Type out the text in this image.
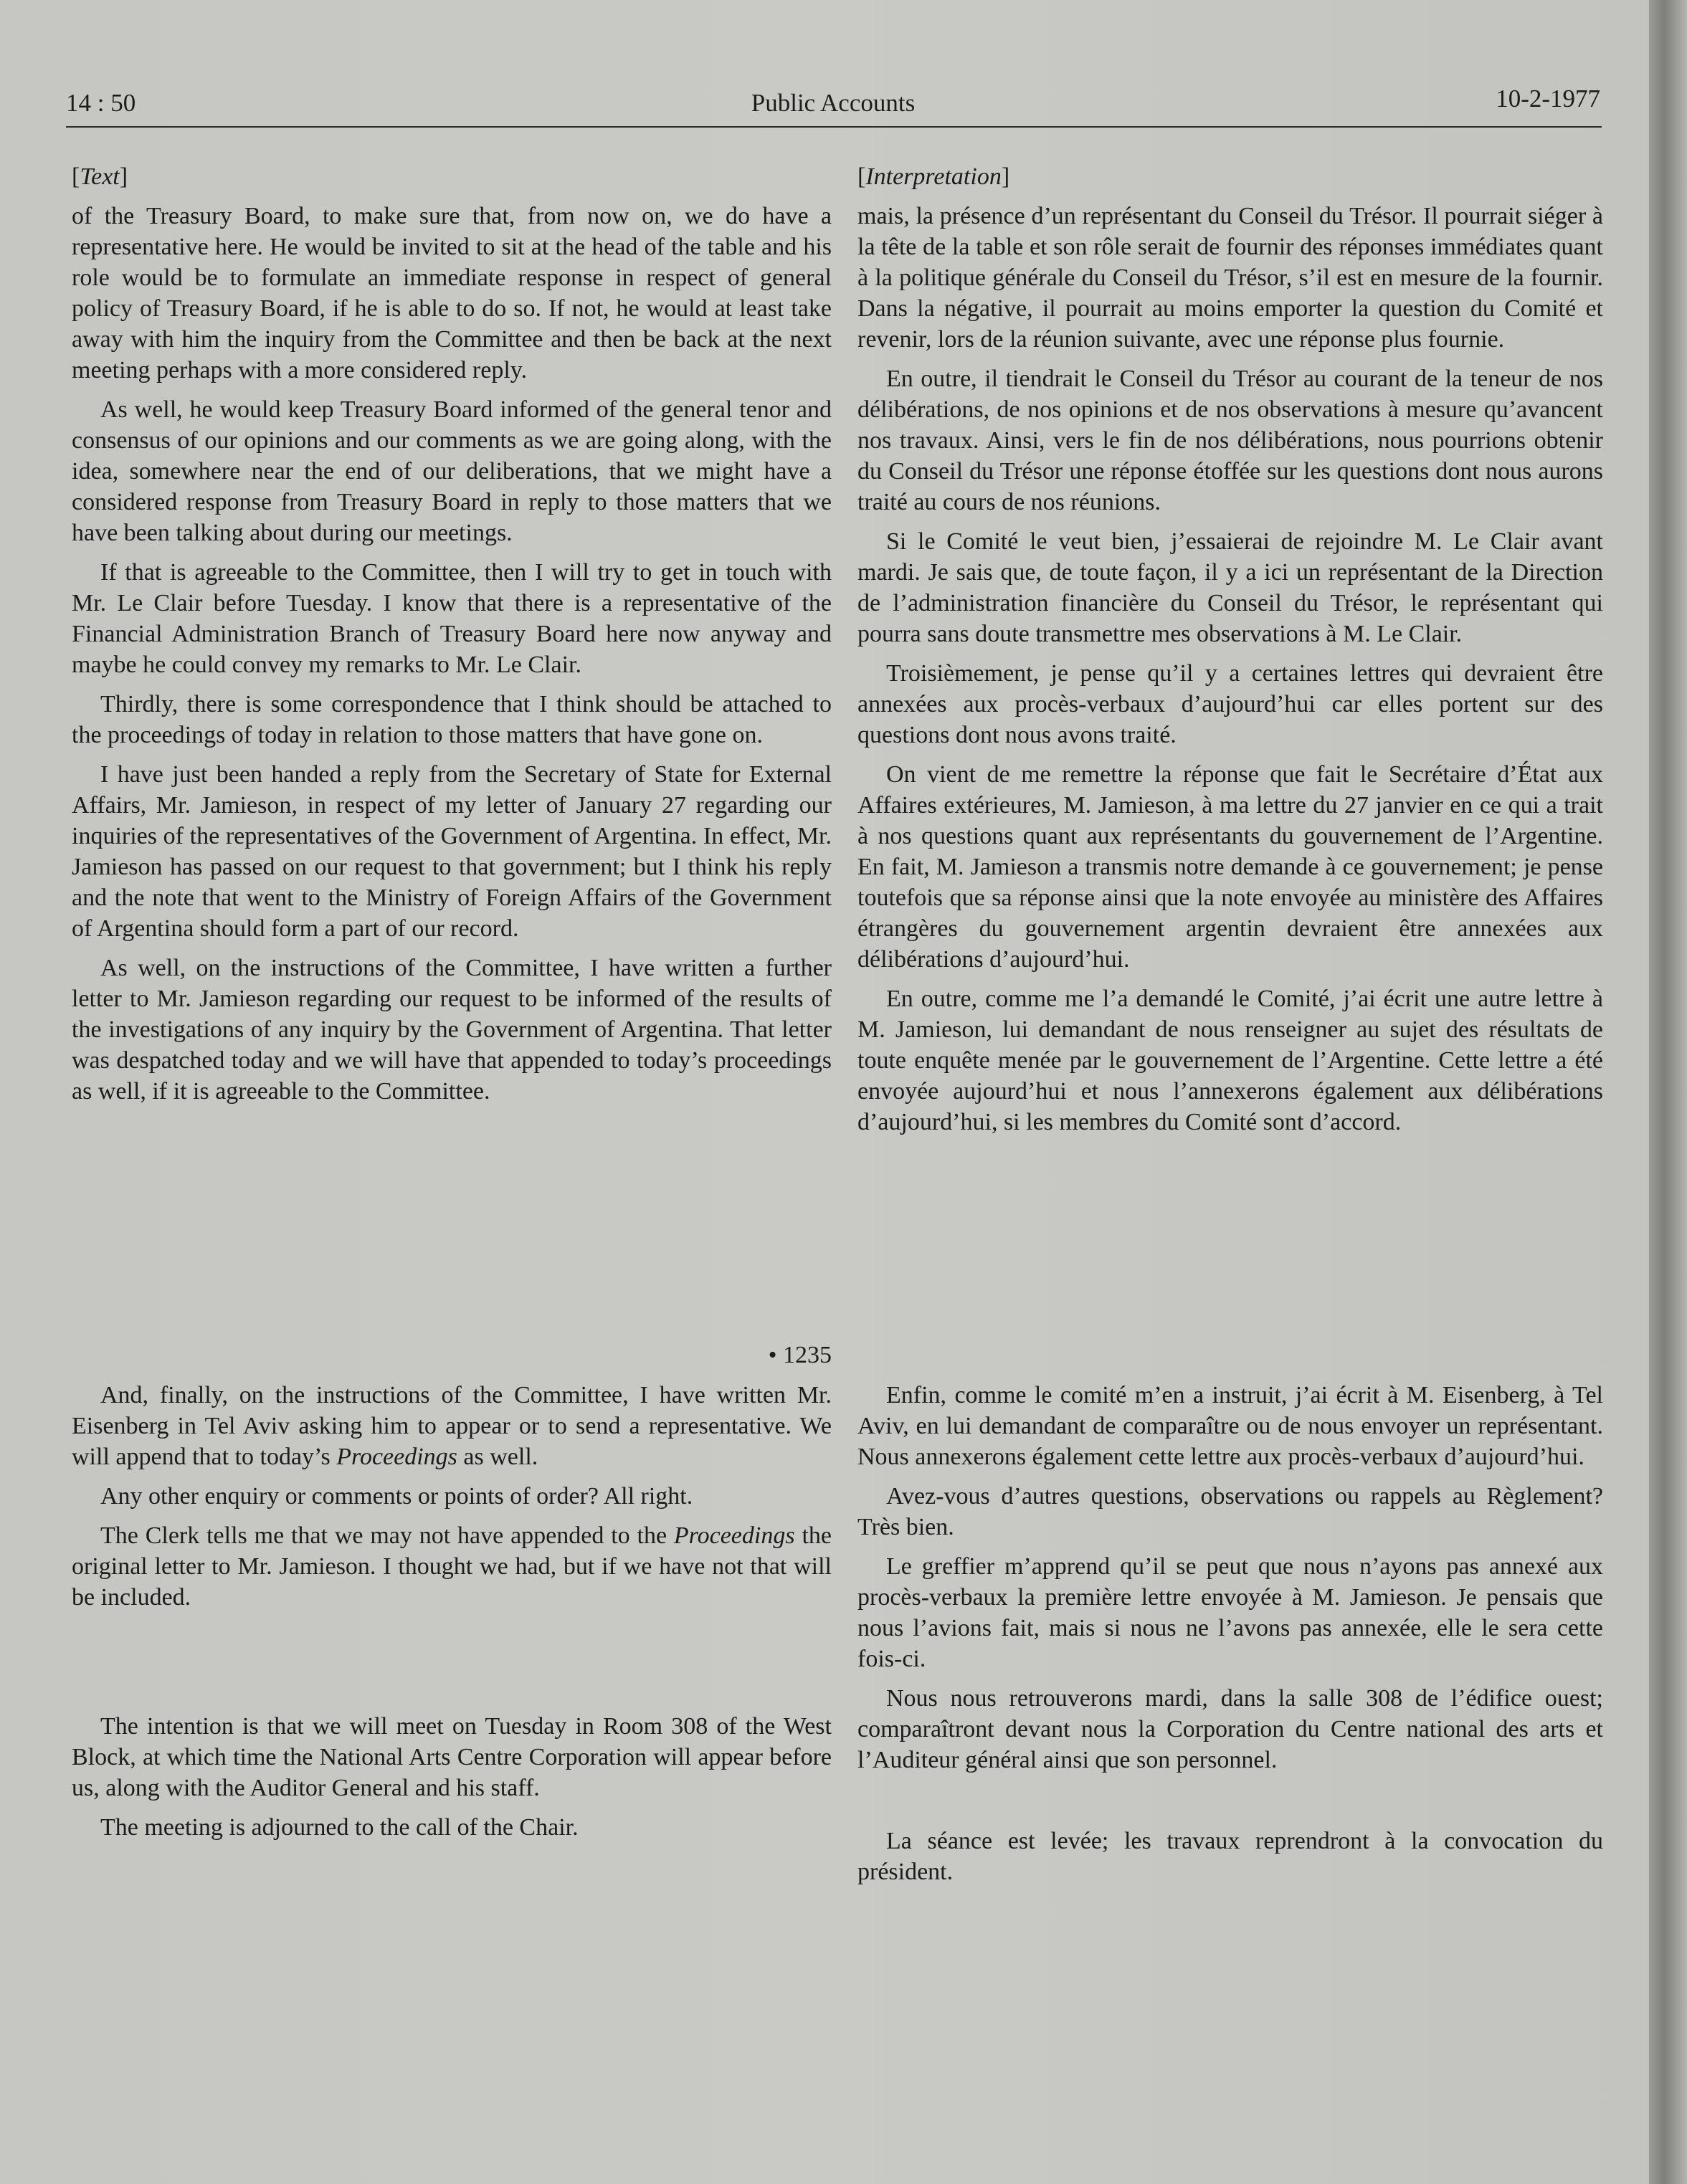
14 : 50	Public Accounts	10-2-1977

[Text]

of the Treasury Board, to make sure that, from now on, we do have a representative here. He would be invited to sit at the head of the table and his role would be to formulate an immediate response in respect of general policy of Treasury Board, if he is able to do so. If not, he would at least take away with him the inquiry from the Committee and then be back at the next meeting perhaps with a more considered reply.

As well, he would keep Treasury Board informed of the general tenor and consensus of our opinions and our comments as we are going along, with the idea, somewhere near the end of our deliberations, that we might have a considered response from Treasury Board in reply to those matters that we have been talking about during our meetings.

If that is agreeable to the Committee, then I will try to get in touch with Mr. Le Clair before Tuesday. I know that there is a representative of the Financial Administration Branch of Treasury Board here now anyway and maybe he could convey my remarks to Mr. Le Clair.

Thirdly, there is some correspondence that I think should be attached to the proceedings of today in relation to those matters that have gone on.

I have just been handed a reply from the Secretary of State for External Affairs, Mr. Jamieson, in respect of my letter of January 27 regarding our inquiries of the representatives of the Government of Argentina. In effect, Mr. Jamieson has passed on our request to that government; but I think his reply and the note that went to the Ministry of Foreign Affairs of the Government of Argentina should form a part of our record.

As well, on the instructions of the Committee, I have written a further letter to Mr. Jamieson regarding our request to be informed of the results of the investigations of any inquiry by the Government of Argentina. That letter was despatched today and we will have that appended to today’s proceedings as well, if it is agreeable to the Committee.

• 1235

And, finally, on the instructions of the Committee, I have written Mr. Eisenberg in Tel Aviv asking him to appear or to send a representative. We will append that to today’s Proceedings as well.

Any other enquiry or comments or points of order? All right.

The Clerk tells me that we may not have appended to the Proceedings the original letter to Mr. Jamieson. I thought we had, but if we have not that will be included.

The intention is that we will meet on Tuesday in Room 308 of the West Block, at which time the National Arts Centre Corporation will appear before us, along with the Auditor General and his staff.

The meeting is adjourned to the call of the Chair.

[Interpretation]

mais, la présence d’un représentant du Conseil du Trésor. Il pourrait siéger à la tête de la table et son rôle serait de fournir des réponses immédiates quant à la politique générale du Conseil du Trésor, s’il est en mesure de la fournir. Dans la négative, il pourrait au moins emporter la question du Comité et revenir, lors de la réunion suivante, avec une réponse plus fournie.

En outre, il tiendrait le Conseil du Trésor au courant de la teneur de nos délibérations, de nos opinions et de nos observations à mesure qu’avancent nos travaux. Ainsi, vers le fin de nos délibérations, nous pourrions obtenir du Conseil du Trésor une réponse étoffée sur les questions dont nous aurons traité au cours de nos réunions.

Si le Comité le veut bien, j’essaierai de rejoindre M. Le Clair avant mardi. Je sais que, de toute façon, il y a ici un représentant de la Direction de l’administration financière du Conseil du Trésor, le représentant qui pourra sans doute transmettre mes observations à M. Le Clair.

Troisièmement, je pense qu’il y a certaines lettres qui devraient être annexées aux procès-verbaux d’aujourd’hui car elles portent sur des questions dont nous avons traité.

On vient de me remettre la réponse que fait le Secrétaire d’État aux Affaires extérieures, M. Jamieson, à ma lettre du 27 janvier en ce qui a trait à nos questions quant aux représentants du gouvernement de l’Argentine. En fait, M. Jamieson a transmis notre demande à ce gouvernement; je pense toutefois que sa réponse ainsi que la note envoyée au ministère des Affaires étrangères du gouvernement argentin devraient être annexées aux délibérations d’aujourd’hui.

En outre, comme me l’a demandé le Comité, j’ai écrit une autre lettre à M. Jamieson, lui demandant de nous renseigner au sujet des résultats de toute enquête menée par le gouvernement de l’Argentine. Cette lettre a été envoyée aujourd’hui et nous l’annexerons également aux délibérations d’aujourd’hui, si les membres du Comité sont d’accord.

Enfin, comme le comité m’en a instruit, j’ai écrit à M. Eisenberg, à Tel Aviv, en lui demandant de comparaître ou de nous envoyer un représentant. Nous annexerons également cette lettre aux procès-verbaux d’aujourd’hui.

Avez-vous d’autres questions, observations ou rappels au Règlement? Très bien.

Le greffier m’apprend qu’il se peut que nous n’ayons pas annexé aux procès-verbaux la première lettre envoyée à M. Jamieson. Je pensais que nous l’avions fait, mais si nous ne l’avons pas annexée, elle le sera cette fois-ci.

Nous nous retrouverons mardi, dans la salle 308 de l’édifice ouest; comparaîtront devant nous la Corporation du Centre national des arts et l’Auditeur général ainsi que son personnel.

La séance est levée; les travaux reprendront à la convocation du président.
